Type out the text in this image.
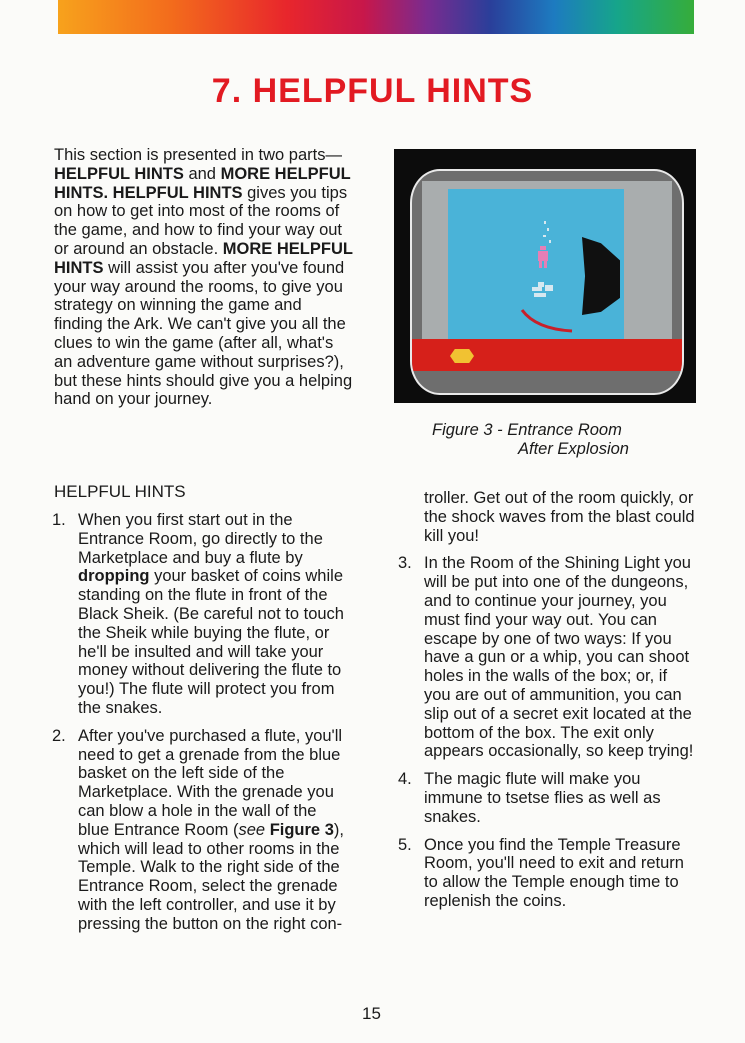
7. HELPFUL HINTS
This section is presented in two parts—HELPFUL HINTS and MORE HELPFUL HINTS. HELPFUL HINTS gives you tips on how to get into most of the rooms of the game, and how to find your way out or around an obstacle. MORE HELPFUL HINTS will assist you after you've found your way around the rooms, to give you strategy on winning the game and finding the Ark. We can't give you all the clues to win the game (after all, what's an adventure game without surprises?), but these hints should give you a helping hand on your journey.
HELPFUL HINTS
1. When you first start out in the Entrance Room, go directly to the Marketplace and buy a flute by dropping your basket of coins while standing on the flute in front of the Black Sheik. (Be careful not to touch the Sheik while buying the flute, or he'll be insulted and will take your money without delivering the flute to you!) The flute will protect you from the snakes.
2. After you've purchased a flute, you'll need to get a grenade from the blue basket on the left side of the Marketplace. With the grenade you can blow a hole in the wall of the blue Entrance Room (see Figure 3), which will lead to other rooms in the Temple. Walk to the right side of the Entrance Room, select the grenade with the left controller, and use it by pressing the button on the right con-
Figure 3 - Entrance Room
After Explosion
troller. Get out of the room quickly, or the shock waves from the blast could kill you!
3. In the Room of the Shining Light you will be put into one of the dungeons, and to continue your journey, you must find your way out. You can escape by one of two ways: If you have a gun or a whip, you can shoot holes in the walls of the box; or, if you are out of ammunition, you can slip out of a secret exit located at the bottom of the box. The exit only appears occasionally, so keep trying!
4. The magic flute will make you immune to tsetse flies as well as snakes.
5. Once you find the Temple Treasure Room, you'll need to exit and return to allow the Temple enough time to replenish the coins.
15
